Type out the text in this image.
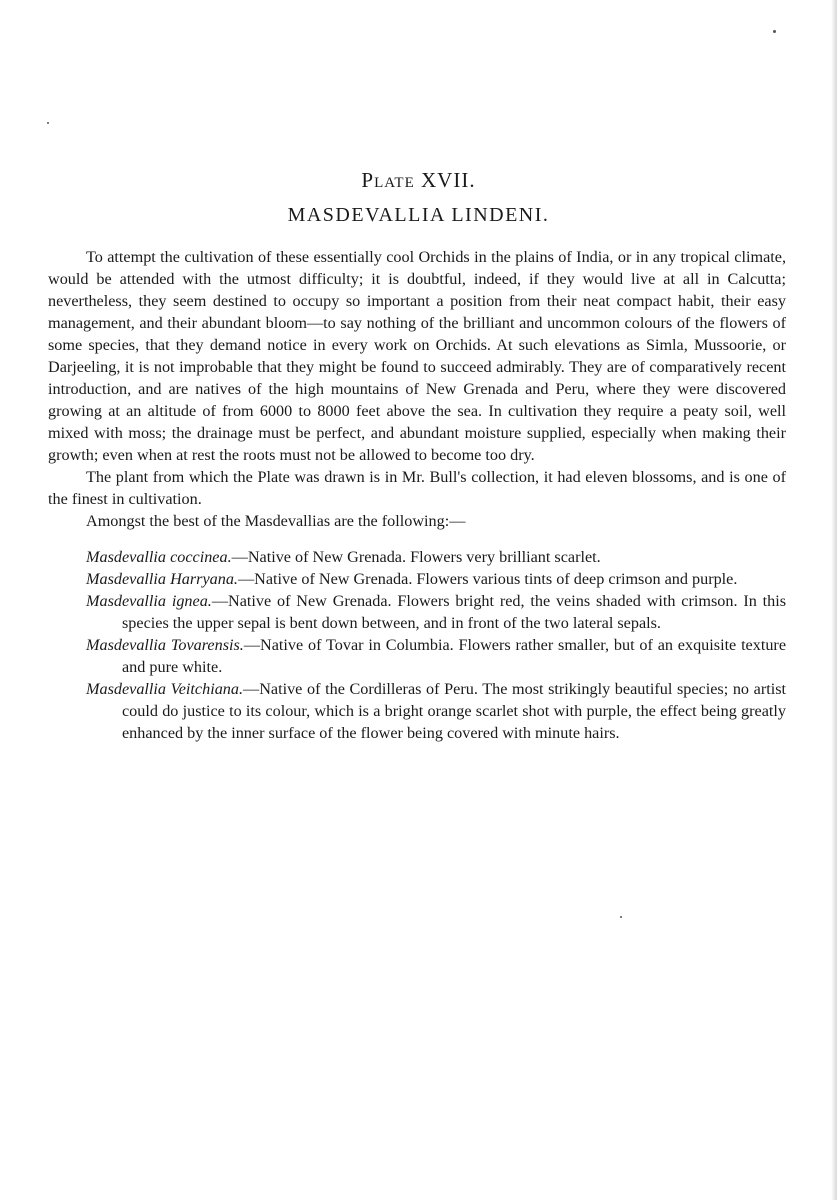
PLATE XVII.
MASDEVALLIA LINDENI.

To attempt the cultivation of these essentially cool Orchids in the plains of India, or in any tropical climate, would be attended with the utmost difficulty; it is doubtful, indeed, if they would live at all in Calcutta; nevertheless, they seem destined to occupy so important a position from their neat compact habit, their easy management, and their abundant bloom—to say nothing of the brilliant and uncommon colours of the flowers of some species, that they demand notice in every work on Orchids. At such elevations as Simla, Mussoorie, or Darjeeling, it is not improbable that they might be found to succeed admirably. They are of comparatively recent introduction, and are natives of the high mountains of New Grenada and Peru, where they were discovered growing at an altitude of from 6000 to 8000 feet above the sea. In cultivation they require a peaty soil, well mixed with moss; the drainage must be perfect, and abundant moisture supplied, especially when making their growth; even when at rest the roots must not be allowed to become too dry.

The plant from which the Plate was drawn is in Mr. Bull's collection, it had eleven blossoms, and is one of the finest in cultivation.

Amongst the best of the Masdevallias are the following:—

Masdevallia coccinea.—Native of New Grenada. Flowers very brilliant scarlet.

Masdevallia Harryana.—Native of New Grenada. Flowers various tints of deep crimson and purple.

Masdevallia ignea.—Native of New Grenada. Flowers bright red, the veins shaded with crimson. In this species the upper sepal is bent down between, and in front of the two lateral sepals.

Masdevallia Tovarensis.—Native of Tovar in Columbia. Flowers rather smaller, but of an exquisite texture and pure white.

Masdevallia Veitchiana.—Native of the Cordilleras of Peru. The most strikingly beautiful species; no artist could do justice to its colour, which is a bright orange scarlet shot with purple, the effect being greatly enhanced by the inner surface of the flower being covered with minute hairs.
